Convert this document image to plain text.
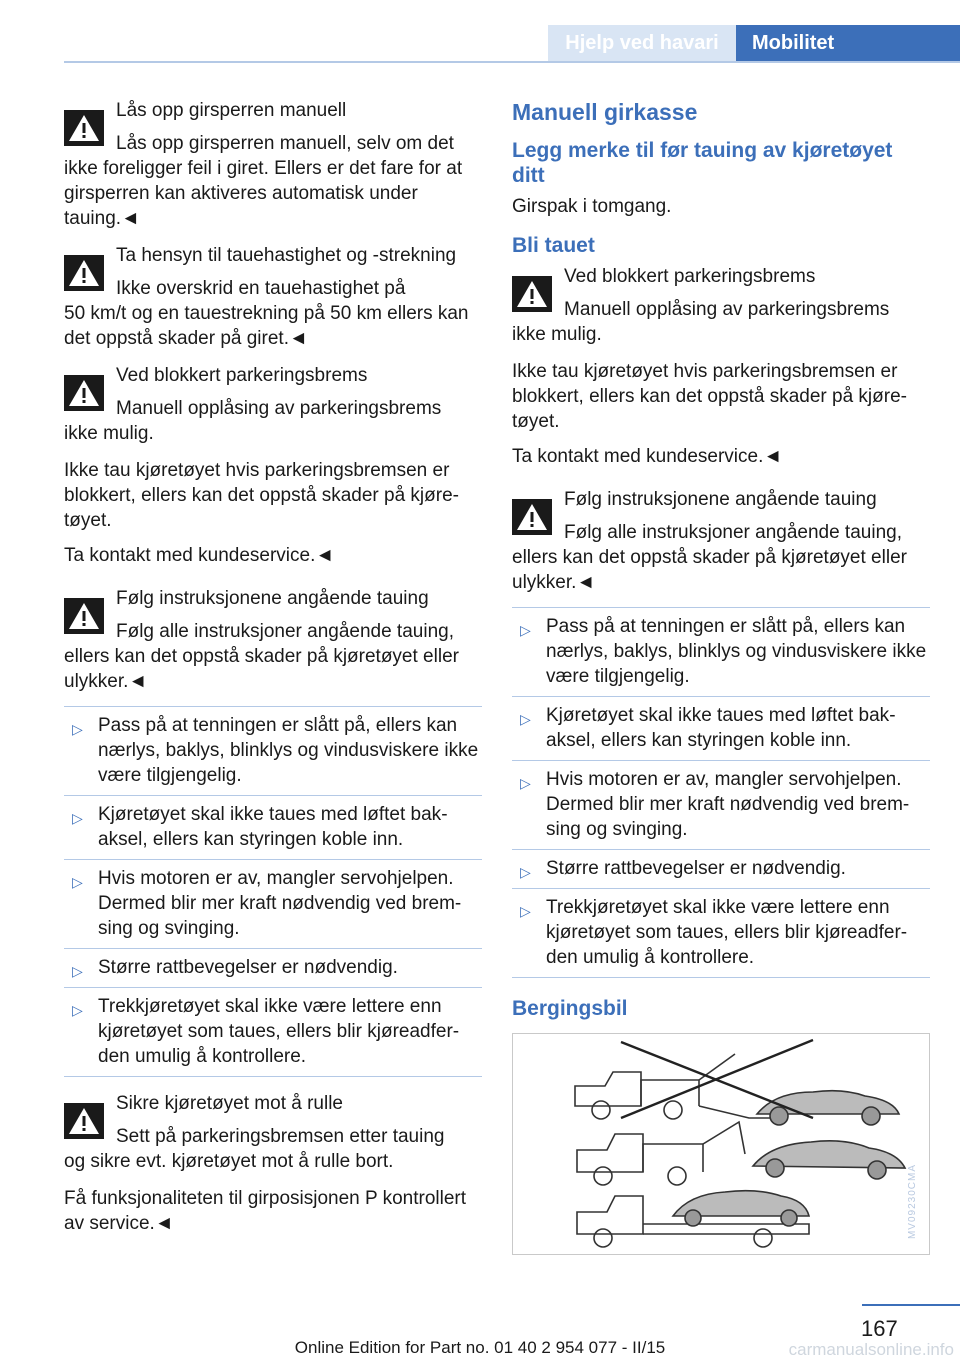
Hjelp ved havari	Mobilitet
Lås opp girsperren manuell
Lås opp girsperren manuell, selv om det
ikke foreligger feil i giret. Ellers er det fare for at girsperren kan aktiveres automatisk under tauing.◄
Ta hensyn til tauehastighet og -strekning
Ikke overskrid en tauehastighet på
50 km/t og en tauestrekning på 50 km ellers kan det oppstå skader på giret.◄
Ved blokkert parkeringsbrems
Manuell opplåsing av parkeringsbrems
ikke mulig.

Ikke tau kjøretøyet hvis parkeringsbremsen er blokkert, ellers kan det oppstå skader på kjøretøyet.

Ta kontakt med kundeservice.◄

Følg instruksjonene angående tauing
Følg alle instruksjoner angående tauing,
ellers kan det oppstå skader på kjøretøyet eller ulykker.◄
▷ Pass på at tenningen er slått på, ellers kan nærlys, baklys, blinklys og vindusviskere ikke være tilgjengelig.
▷ Kjøretøyet skal ikke taues med løftet bakaksel, ellers kan styringen koble inn.
▷ Hvis motoren er av, mangler servohjelpen. Dermed blir mer kraft nødvendig ved bremsing og svinging.
▷ Større rattbevegelser er nødvendig.
▷ Trekkjøretøyet skal ikke være lettere enn kjøretøyet som taues, ellers blir kjøreadferden umulig å kontrollere.
Sikre kjøretøyet mot å rulle
Sett på parkeringsbremsen etter tauing
og sikre evt. kjøretøyet mot å rulle bort.

Få funksjonaliteten til girposisjonen P kontrollert av service.◄

Manuell girkasse
Legg merke til før tauing av kjøretøyet ditt

Girspak i tomgang.

Bli tauet
Ved blokkert parkeringsbrems
Manuell opplåsing av parkeringsbrems
ikke mulig.

Ikke tau kjøretøyet hvis parkeringsbremsen er blokkert, ellers kan det oppstå skader på kjøretøyet.

Ta kontakt med kundeservice.◄

Følg instruksjonene angående tauing
Følg alle instruksjoner angående tauing,
ellers kan det oppstå skader på kjøretøyet eller ulykker.◄
▷ Pass på at tenningen er slått på, ellers kan nærlys, baklys, blinklys og vindusviskere ikke være tilgjengelig.
▷ Kjøretøyet skal ikke taues med løftet bakaksel, ellers kan styringen koble inn.
▷ Hvis motoren er av, mangler servohjelpen. Dermed blir mer kraft nødvendig ved bremsing og svinging.
▷ Større rattbevegelser er nødvendig.
▷ Trekkjøretøyet skal ikke være lettere enn kjøretøyet som taues, ellers blir kjøreadferden umulig å kontrollere.
Bergingsbil
MV09230CMA
167
Online Edition for Part no. 01 40 2 954 077 - II/15	carmanualsonline.info
